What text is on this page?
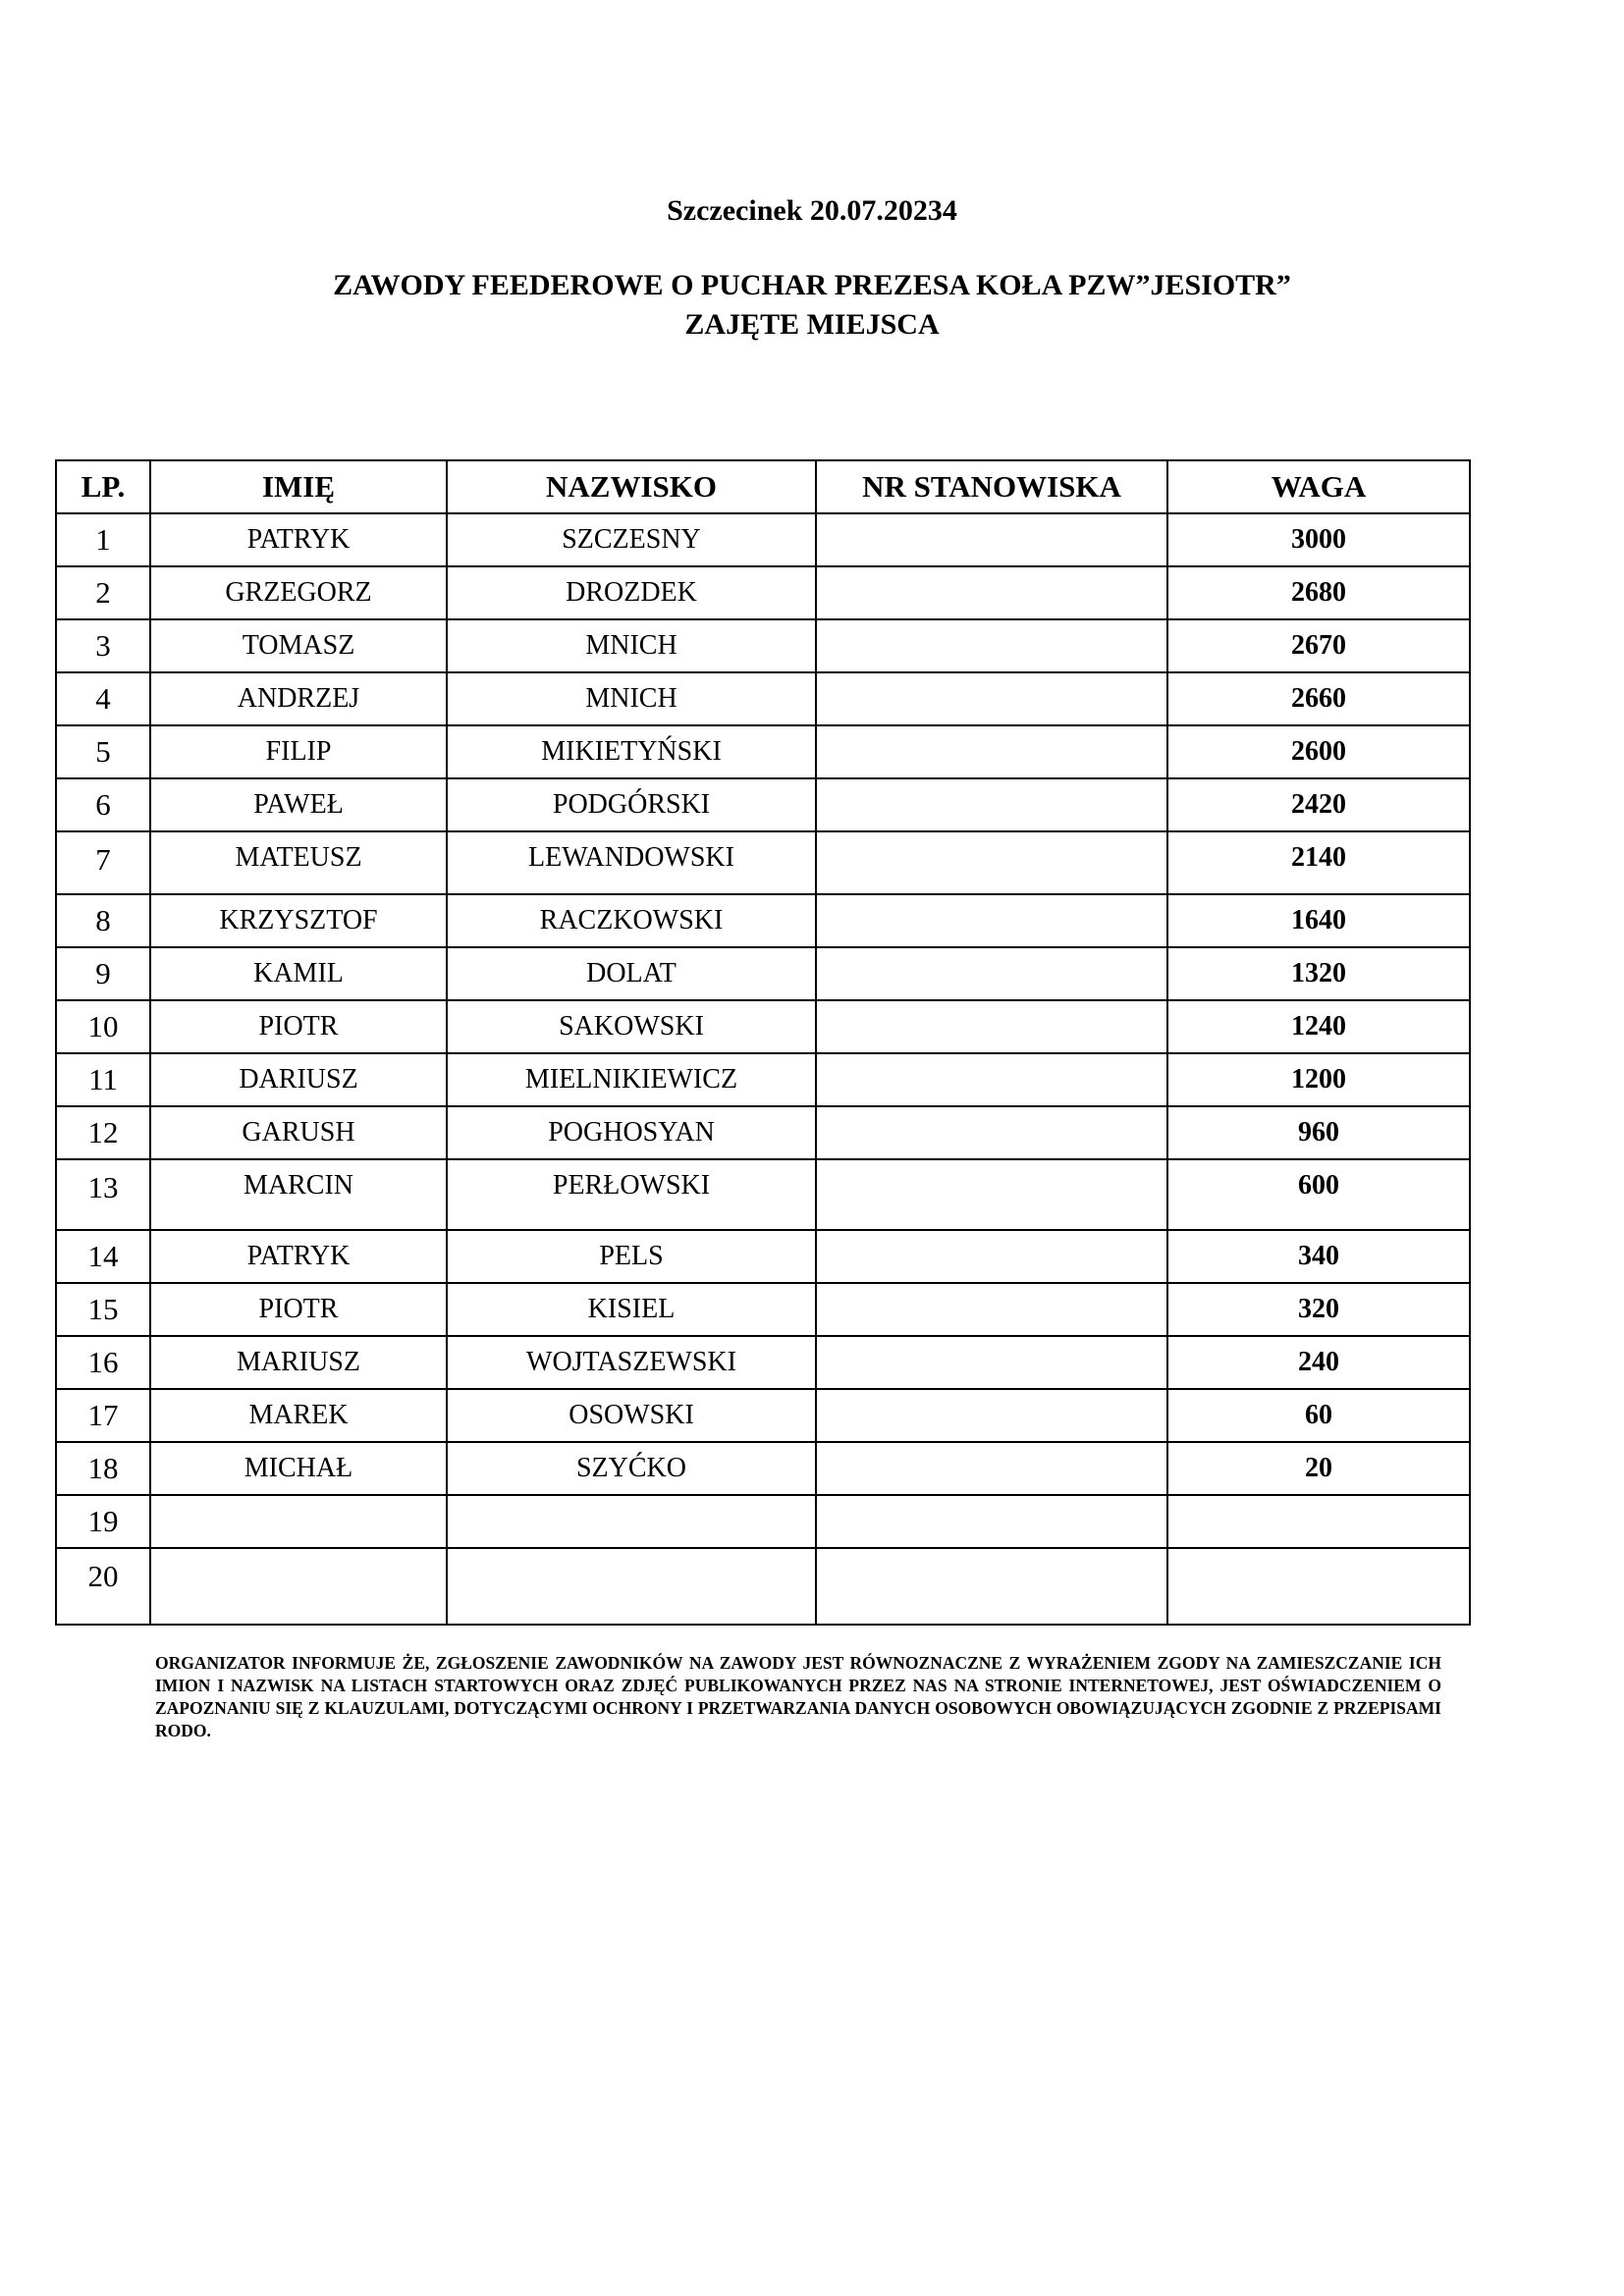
Szczecinek 20.07.20234
ZAWODY FEEDEROWE O PUCHAR PREZESA KOŁA PZW”JESIOTR”
ZAJĘTE MIEJSCA
LP.	IMIĘ	NAZWISKO	NR STANOWISKA	WAGA
1	PATRYK	SZCZESNY		3000
2	GRZEGORZ	DROZDEK		2680
3	TOMASZ	MNICH		2670
4	ANDRZEJ	MNICH		2660
5	FILIP	MIKIETYŃSKI		2600
6	PAWEŁ	PODGÓRSKI		2420
7	MATEUSZ	LEWANDOWSKI		2140
8	KRZYSZTOF	RACZKOWSKI		1640
9	KAMIL	DOLAT		1320
10	PIOTR	SAKOWSKI		1240
11	DARIUSZ	MIELNIKIEWICZ		1200
12	GARUSH	POGHOSYAN		960
13	MARCIN	PERŁOWSKI		600
14	PATRYK	PELS		340
15	PIOTR	KISIEL		320
16	MARIUSZ	WOJTASZEWSKI		240
17	MAREK	OSOWSKI		60
18	MICHAŁ	SZYĆKO		20
19				
20				
ORGANIZATOR INFORMUJE ŻE, ZGŁOSZENIE ZAWODNIKÓW NA ZAWODY JEST RÓWNOZNACZNE Z WYRAŻENIEM ZGODY NA ZAMIESZCZANIE ICH IMION I NAZWISK NA LISTACH STARTOWYCH ORAZ ZDJĘĆ PUBLIKOWANYCH PRZEZ NAS NA STRONIE INTERNETOWEJ, JEST OŚWIADCZENIEM O ZAPOZNANIU SIĘ Z KLAUZULAMI, DOTYCZĄCYMI OCHRONY I PRZETWARZANIA DANYCH OSOBOWYCH OBOWIĄZUJĄCYCH ZGODNIE Z PRZEPISAMI RODO.
